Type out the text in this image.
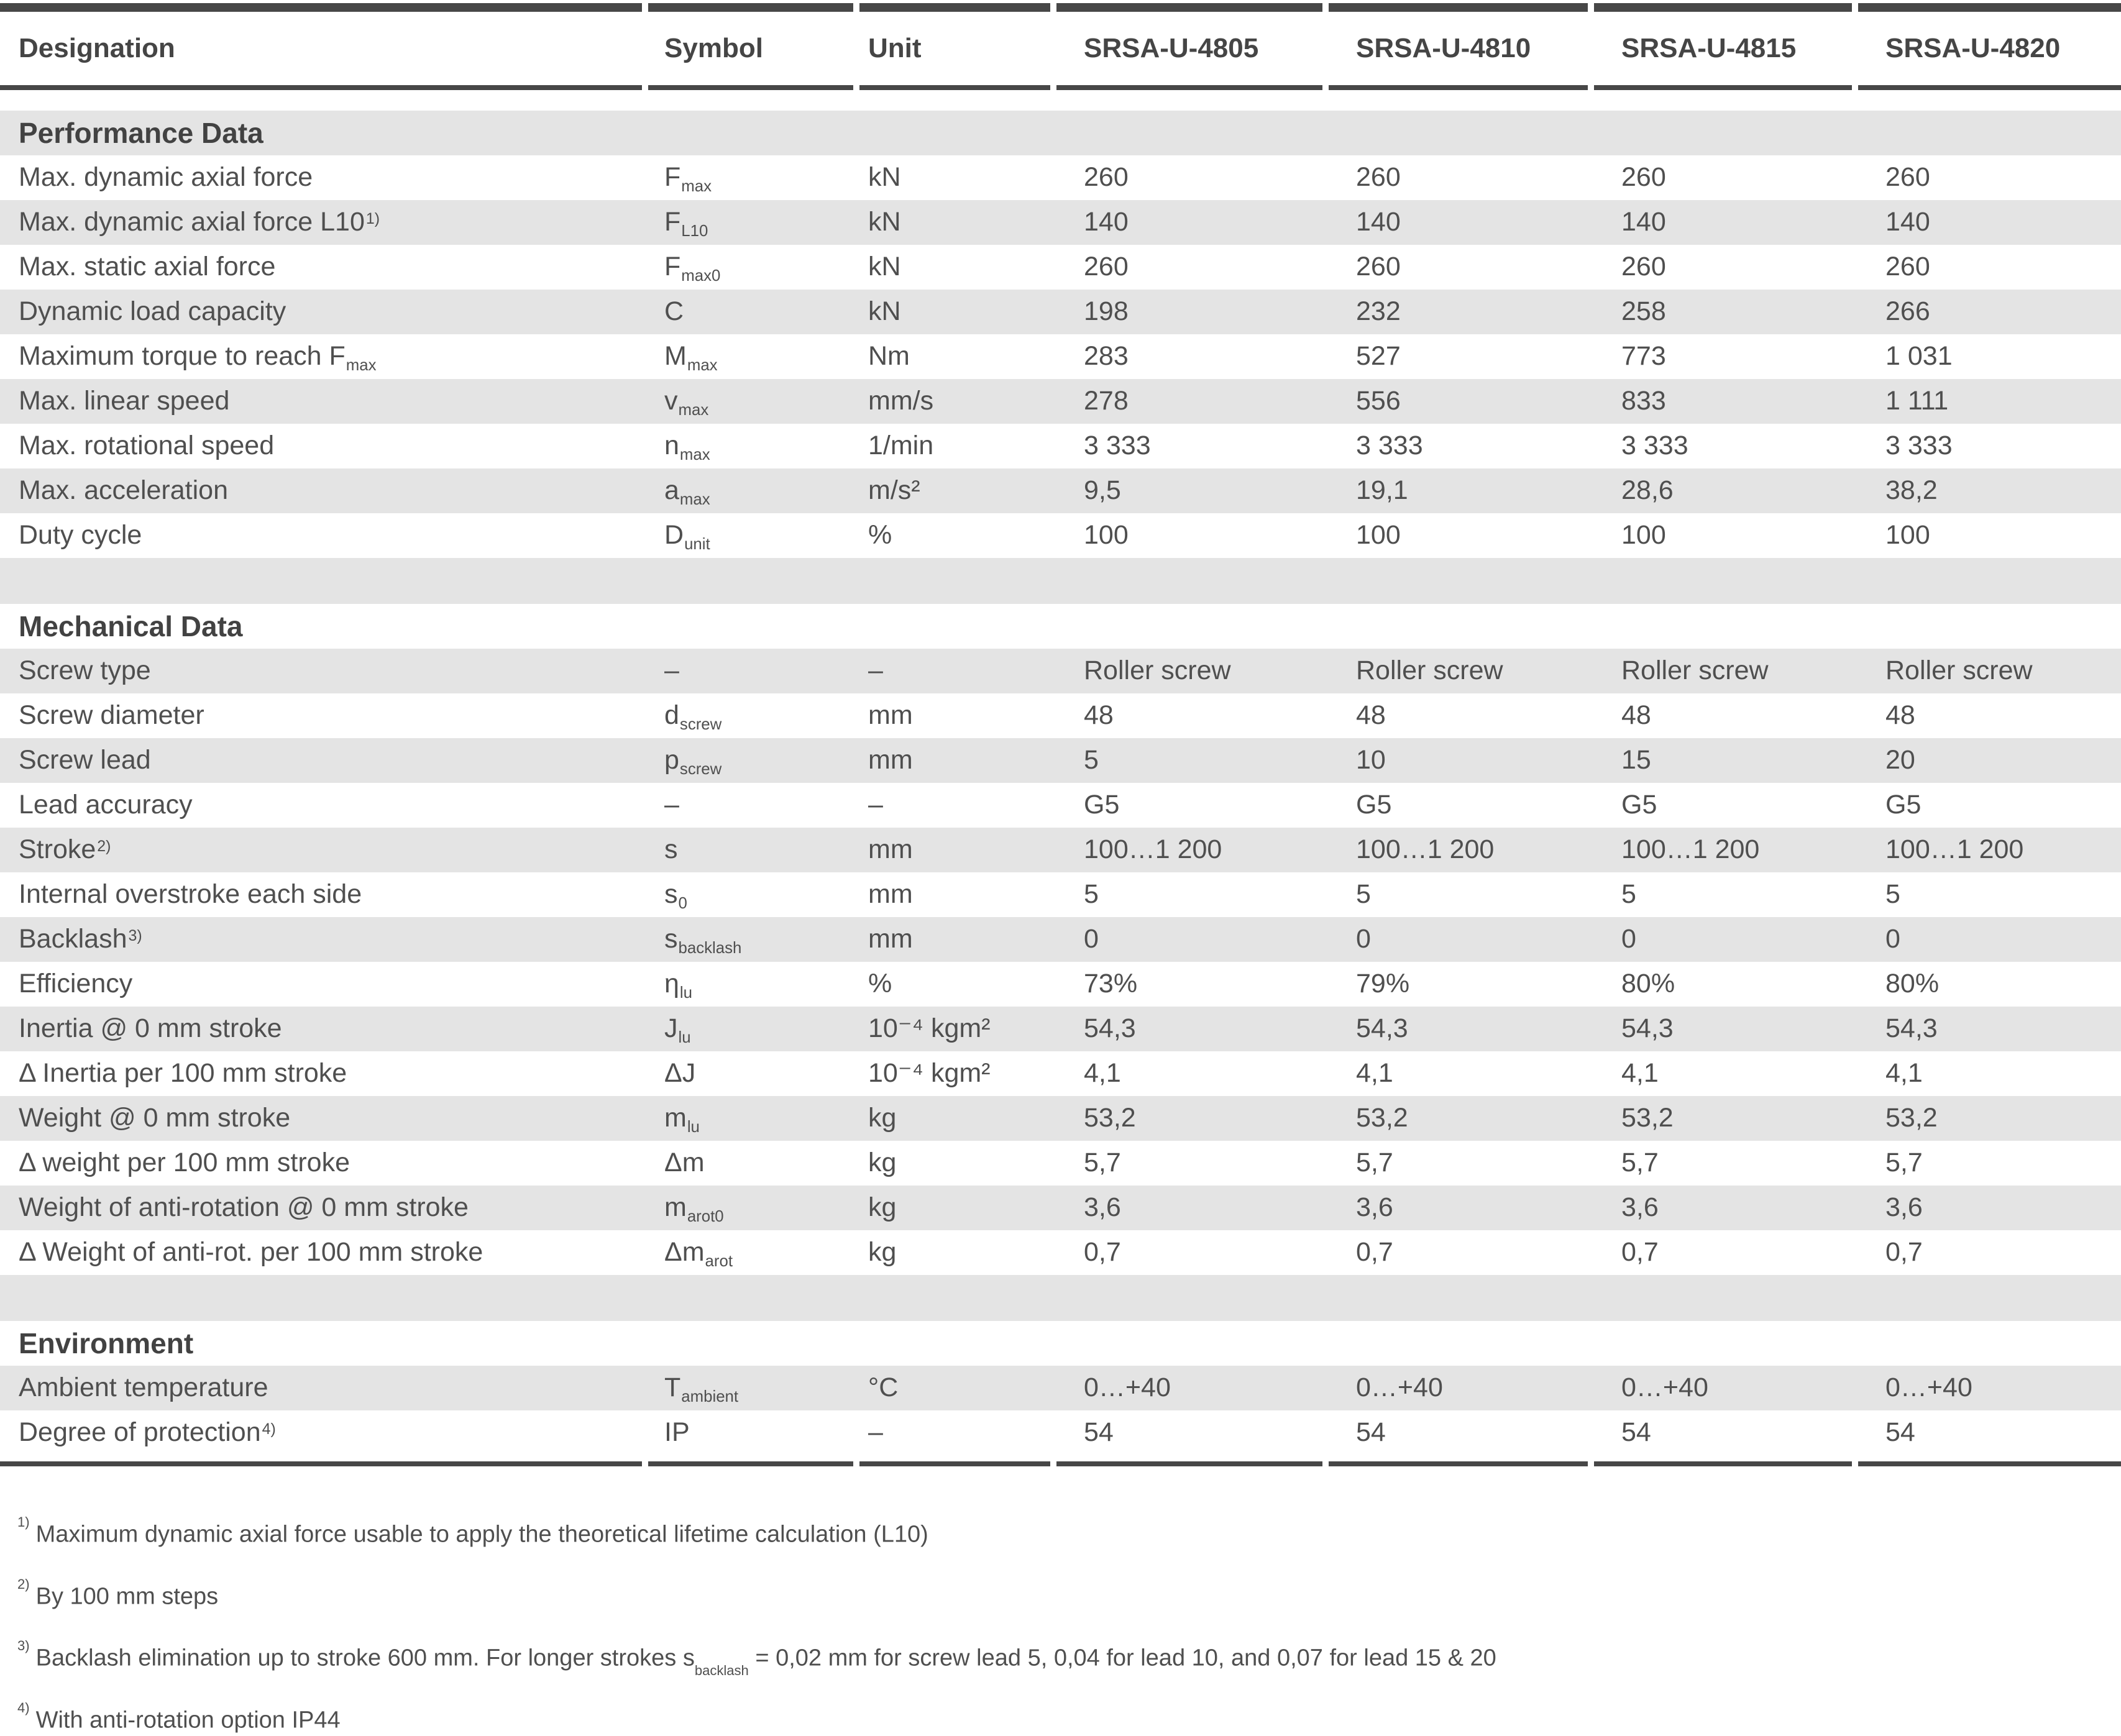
Designation	Symbol	Unit	SRSA-U-4805	SRSA-U-4810	SRSA-U-4815	SRSA-U-4820
Performance Data
Max. dynamic axial force	$F_{max}$	kN	260	260	260	260
Max. dynamic axial force L10$^{1)}$	$F_{L10}$	kN	140	140	140	140
Max. static axial force	$F_{max0}$	kN	260	260	260	260
Dynamic load capacity	C	kN	198	232	258	266
Maximum torque to reach $F_{max}$	$M_{max}$	Nm	283	527	773	1 031
Max. linear speed	$v_{max}$	mm/s	278	556	833	1 111
Max. rotational speed	$n_{max}$	1/min	3 333	3 333	3 333	3 333
Max. acceleration	$a_{max}$	m/s²	9,5	19,1	28,6	38,2
Duty cycle	$D_{unit}$	%	100	100	100	100
Mechanical Data
Screw type	–	–	Roller screw	Roller screw	Roller screw	Roller screw
Screw diameter	$d_{screw}$	mm	48	48	48	48
Screw lead	$p_{screw}$	mm	5	10	15	20
Lead accuracy	–	–	G5	G5	G5	G5
Stroke$^{2)}$	s	mm	100…1 200	100…1 200	100…1 200	100…1 200
Internal overstroke each side	$s_0$	mm	5	5	5	5
Backlash$^{3)}$	$s_{backlash}$	mm	0	0	0	0
Efficiency	$\eta_{lu}$	%	73%	79%	80%	80%
Inertia @ 0 mm stroke	$J_{lu}$	10⁻⁴ kgm²	54,3	54,3	54,3	54,3
Δ Inertia per 100 mm stroke	ΔJ	10⁻⁴ kgm²	4,1	4,1	4,1	4,1
Weight @ 0 mm stroke	$m_{lu}$	kg	53,2	53,2	53,2	53,2
Δ weight per 100 mm stroke	Δm	kg	5,7	5,7	5,7	5,7
Weight of anti-rotation @ 0 mm stroke	$m_{arot0}$	kg	3,6	3,6	3,6	3,6
Δ Weight of anti-rot. per 100 mm stroke	$\Delta m_{arot}$	kg	0,7	0,7	0,7	0,7
Environment
Ambient temperature	$T_{ambient}$	°C	0…+40	0…+40	0…+40	0…+40
Degree of protection$^{4)}$	IP	–	54	54	54	54

$^{1)}$ Maximum dynamic axial force usable to apply the theoretical lifetime calculation (L10)

$^{2)}$ By 100 mm steps

$^{3)}$ Backlash elimination up to stroke 600 mm. For longer strokes $s_{backlash} = 0,02$ mm for screw lead 5, 0,04 for lead 10, and 0,07 for lead 15 & 20

$^{4)}$ With anti-rotation option IP44
